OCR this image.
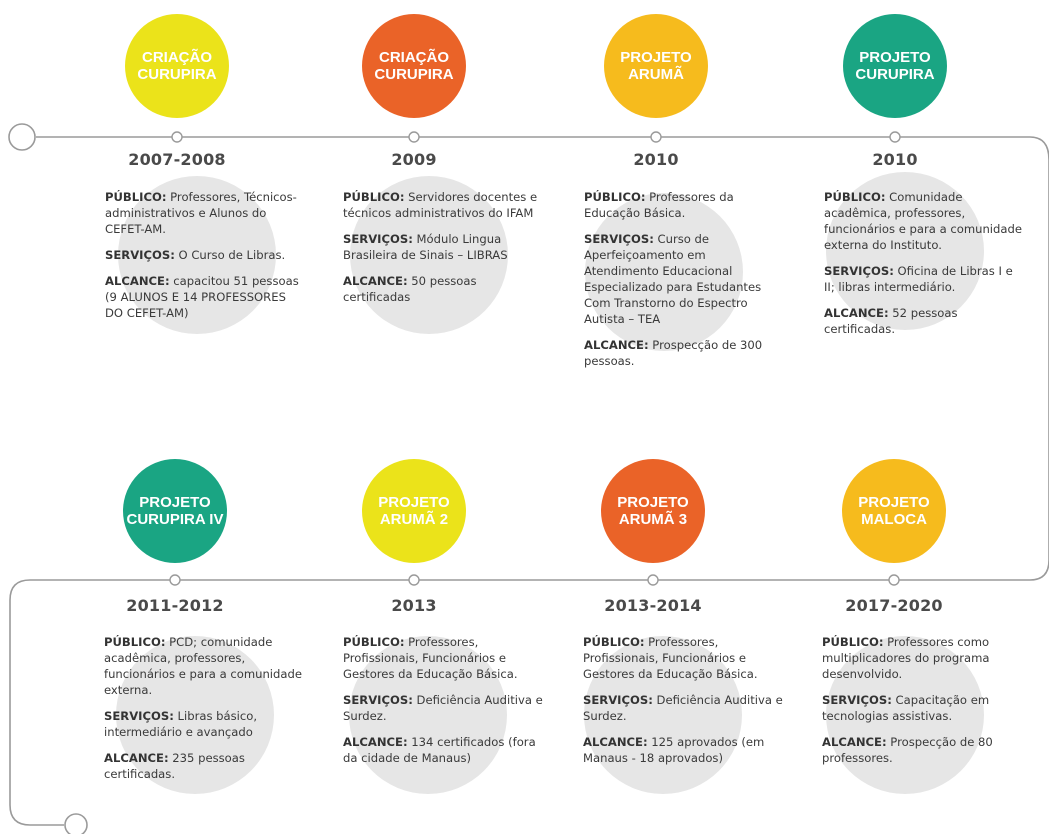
CRIAÇÃO
CURUPIRA
2007-2008

PÚBLICO: Professores, Técnicos- administrativos e Alunos do CEFET-AM.

SERVIÇOS: O Curso de Libras.

ALCANCE: capacitou 51 pessoas (9 ALUNOS E 14 PROFESSORES DO CEFET-AM)

CRIAÇÃO
CURUPIRA
2009

PÚBLICO: Servidores docentes e técnicos administrativos do IFAM

SERVIÇOS: Módulo Lingua Brasileira de Sinais – LIBRAS

ALCANCE: 50 pessoas certificadas

PROJETO
ARUMÃ
2010

PÚBLICO: Professores da Educação Básica.

SERVIÇOS: Curso de Aperfeiçoamento em Atendimento Educacional Especializado para Estudantes Com Transtorno do Espectro Autista – TEA

ALCANCE: Prospecção de 300 pessoas.

PROJETO
CURUPIRA
2010

PÚBLICO: Comunidade acadêmica, professores, funcionários e para a comunidade externa do Instituto.

SERVIÇOS: Oficina de Libras I e II; libras intermediário.

ALCANCE: 52 pessoas certificadas.

PROJETO
CURUPIRA IV
2011-2012

PÚBLICO: PCD; comunidade acadêmica, professores, funcionários e para a comunidade externa.

SERVIÇOS: Libras básico, intermediário e avançado

ALCANCE: 235 pessoas certificadas.

PROJETO
ARUMÃ 2
2013

PÚBLICO: Professores, Profissionais, Funcionários e Gestores da Educação Básica.

SERVIÇOS: Deficiência Auditiva e Surdez.

ALCANCE: 134 certificados (fora da cidade de Manaus)

PROJETO
ARUMÃ 3
2013-2014

PÚBLICO: Professores, Profissionais, Funcionários e Gestores da Educação Básica.

SERVIÇOS: Deficiência Auditiva e Surdez.

ALCANCE: 125 aprovados (em Manaus - 18 aprovados)

PROJETO
MALOCA
2017-2020

PÚBLICO: Professores como multiplicadores do programa desenvolvido.

SERVIÇOS: Capacitação em tecnologias assistivas.

ALCANCE: Prospecção de 80 professores.
